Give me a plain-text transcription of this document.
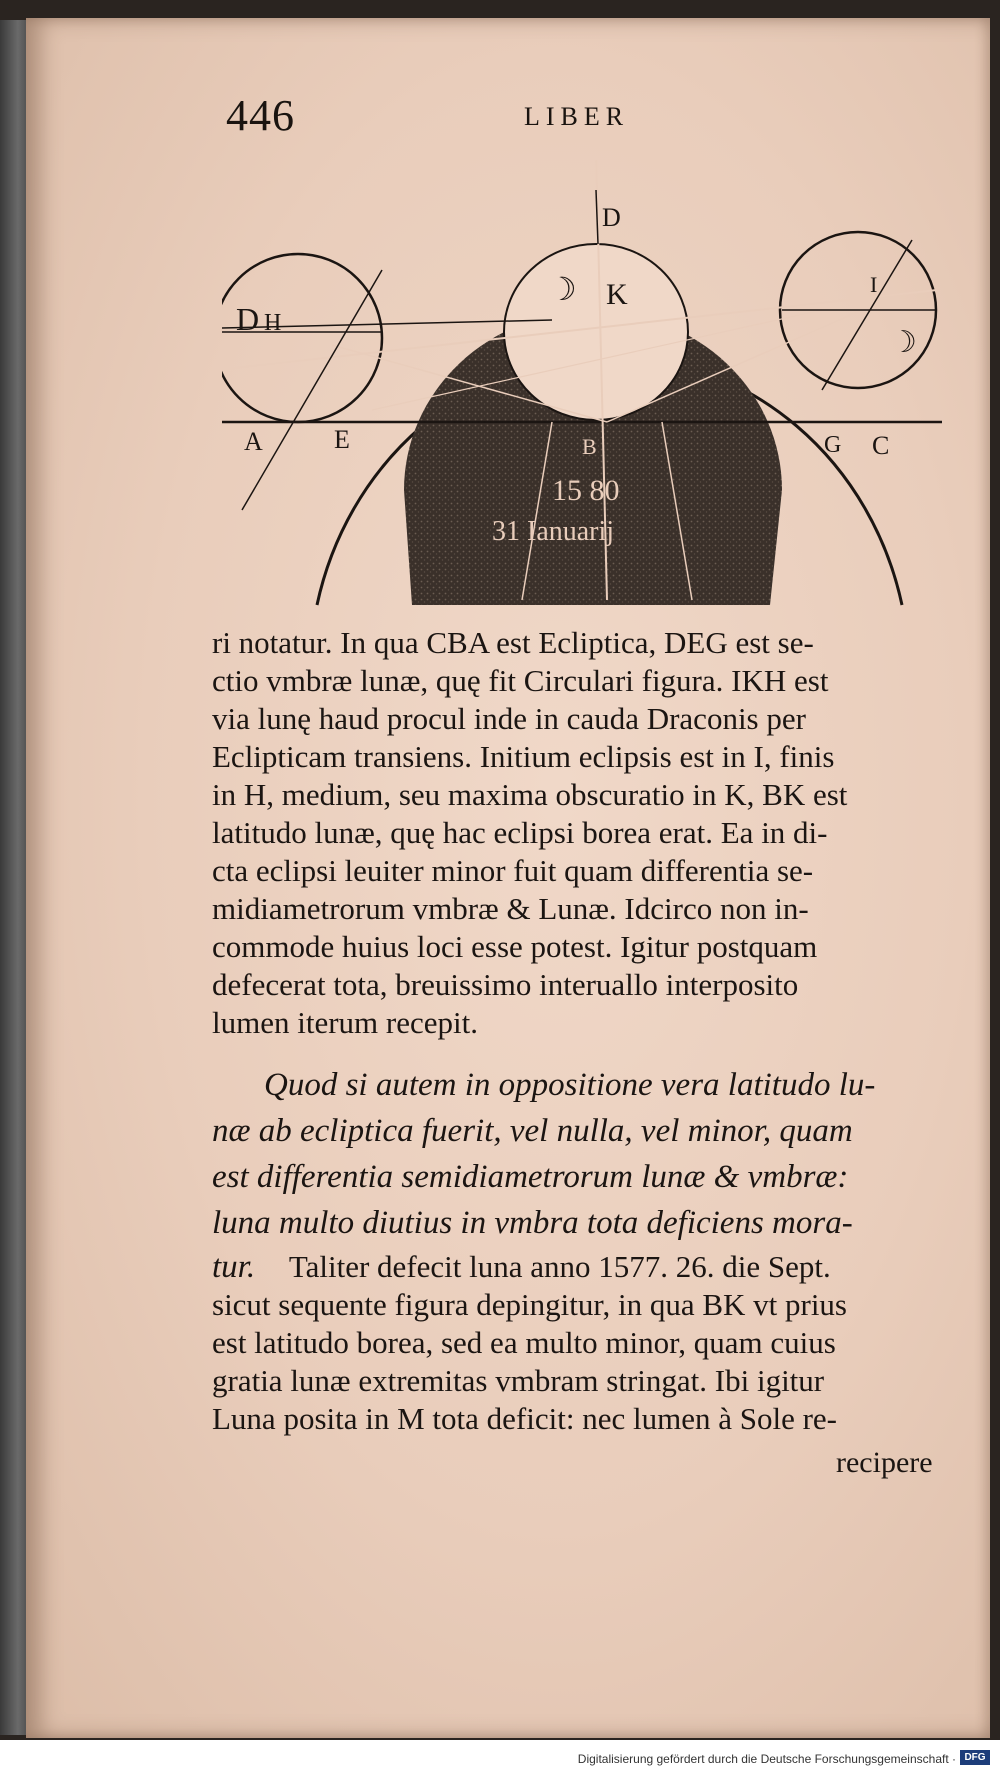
446	LIBER
D
☽ K
D H
I
☽
A	E	B	G C
15 80
31 Ianuarij
ri notatur. In qua CBA est Ecliptica, DEG est se-
ctio vmbræ lunæ, quę fit Circulari figura. IKH est
via lunę haud procul inde in cauda Draconis per
Eclipticam transiens. Initium eclipsis est in I, finis
in H, medium, seu maxima obscuratio in K, BK est
latitudo lunæ, quę hac eclipsi borea erat. Ea in di-
cta eclipsi leuiter minor fuit quam differentia se-
midiametrorum vmbræ & Lunæ. Idcirco non in-
commode huius loci esse potest. Igitur postquam
defecerat tota, breuissimo interuallo interposito
lumen iterum recepit.
Quod si autem in oppositione vera latitudo lu-
næ ab ecliptica fuerit, vel nulla, vel minor, quam
est differentia semidiametrorum lunæ & vmbræ:
luna multo diutius in vmbra tota deficiens mora-
tur. Taliter defecit luna anno 1577. 26. die Sept.
sicut sequente figura depingitur, in qua BK vt prius
est latitudo borea, sed ea multo minor, quam cuius
gratia lunæ extremitas vmbram stringat. Ibi igitur
Luna posita in M tota deficit: nec lumen à Sole re-
recipere
Digitalisierung gefördert durch die Deutsche Forschungsgemeinschaft · DFG
